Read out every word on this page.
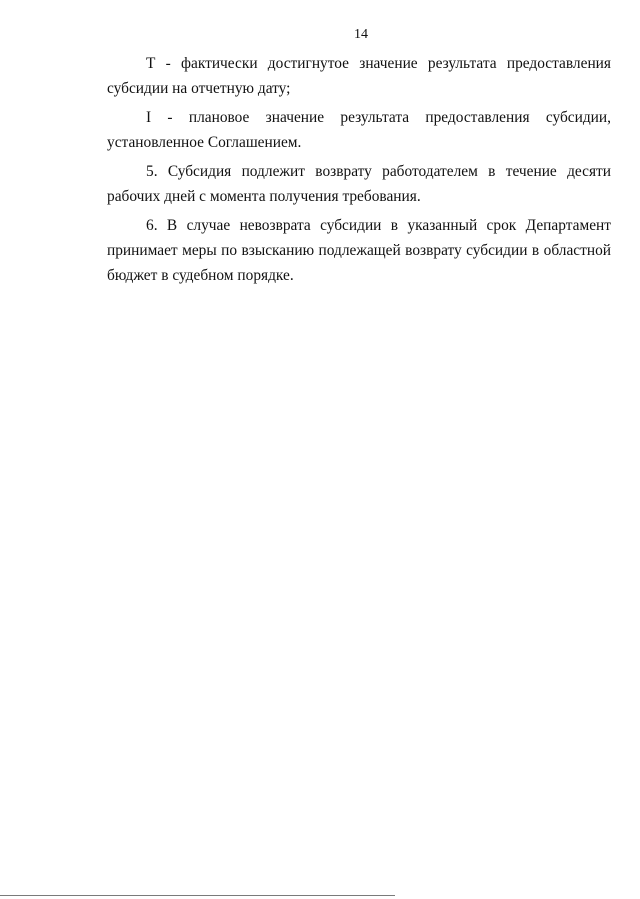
14

Т - фактически достигнутое значение результата предоставления
субсидии на отчетную дату;

I - плановое значение результата предоставления субсидии,
установленное Соглашением.

5. Субсидия подлежит возврату работодателем в течение десяти
рабочих дней с момента получения требования.

6. В случае невозврата субсидии в указанный срок Департамент
принимает меры по взысканию подлежащей возврату субсидии в областной
бюджет в судебном порядке.
